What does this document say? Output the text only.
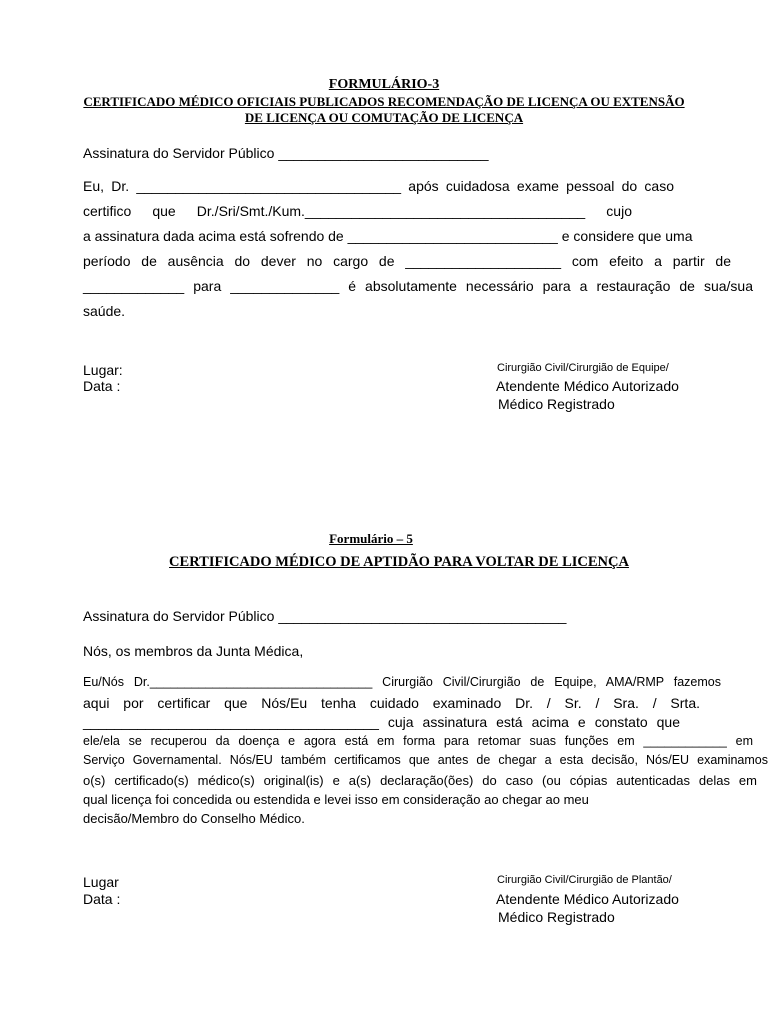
FORMULÁRIO-3
CERTIFICADO MÉDICO OFICIAIS PUBLICADOS RECOMENDAÇÃO DE LICENÇA OU EXTENSÃO
DE LICENÇA OU COMUTAÇÃO DE LICENÇA
Assinatura do Servidor Público ___________________________
Eu, Dr. __________________________________ após cuidadosa exame pessoal do caso
certifico que Dr./Sri/Smt./Kum.____________________________________ cujo
a assinatura dada acima está sofrendo de ___________________________ e considere que uma
período de ausência do dever no cargo de ____________________ com efeito a partir de
_____________ para ______________ é absolutamente necessário para a restauração de sua/sua
saúde.
Lugar:
Data :
Cirurgião Civil/Cirurgião de Equipe/
Atendente Médico Autorizado
Médico Registrado
Formulário – 5
CERTIFICADO MÉDICO DE APTIDÃO PARA VOLTAR DE LICENÇA
Assinatura do Servidor Público _____________________________________
Nós, os membros da Junta Médica,
Eu/Nós Dr.________________________________ Cirurgião Civil/Cirurgião de Equipe, AMA/RMP fazemos
aqui por certificar que Nós/Eu tenha cuidado examinado Dr. / Sr. / Sra. / Srta.
______________________________________ cuja assinatura está acima e constato que
ele/ela se recuperou da doença e agora está em forma para retomar suas funções em ____________ em
Serviço Governamental. Nós/EU também certificamos que antes de chegar a esta decisão, Nós/EU examinamos
o(s) certificado(s) médico(s) original(is) e a(s) declaração(ões) do caso (ou cópias autenticadas delas em
qual licença foi concedida ou estendida e levei isso em consideração ao chegar ao meu
decisão/Membro do Conselho Médico.
Lugar
Data :
Cirurgião Civil/Cirurgião de Plantão/
Atendente Médico Autorizado
Médico Registrado
